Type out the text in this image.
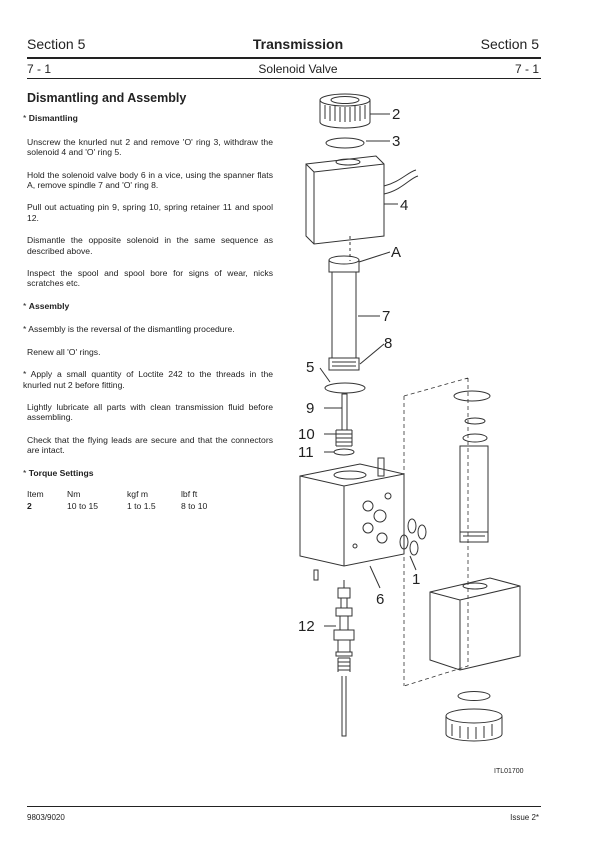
Section 5	Transmission	Section 5
7 - 1	Solenoid Valve	7 - 1
Dismantling and Assembly
* Dismantling

Unscrew the knurled nut 2 and remove 'O' ring 3, withdraw the solenoid 4 and 'O' ring 5.

Hold the solenoid valve body 6 in a vice, using the spanner flats A, remove spindle 7 and 'O' ring 8.

Pull out actuating pin 9, spring 10, spring retainer 11 and spool 12.

Dismantle the opposite solenoid in the same sequence as described above.

Inspect the spool and spool bore for signs of wear, nicks scratches etc.

* Assembly

* Assembly is the reversal of the dismantling procedure.

Renew all 'O' rings.

* Apply a small quantity of Loctite 242 to the threads in the knurled nut 2 before fitting.

Lightly lubricate all parts with clean transmission fluid before assembling.

Check that the flying leads are secure and that the connectors are intact.

* Torque Settings
Item	Nm	kgf m	lbf ft
2	10 to 15	1 to 1.5	8 to 10
2
3
4
A
7
8
5
9
10
11
6
1
12
ITL01700
9803/9020	Issue 2*
